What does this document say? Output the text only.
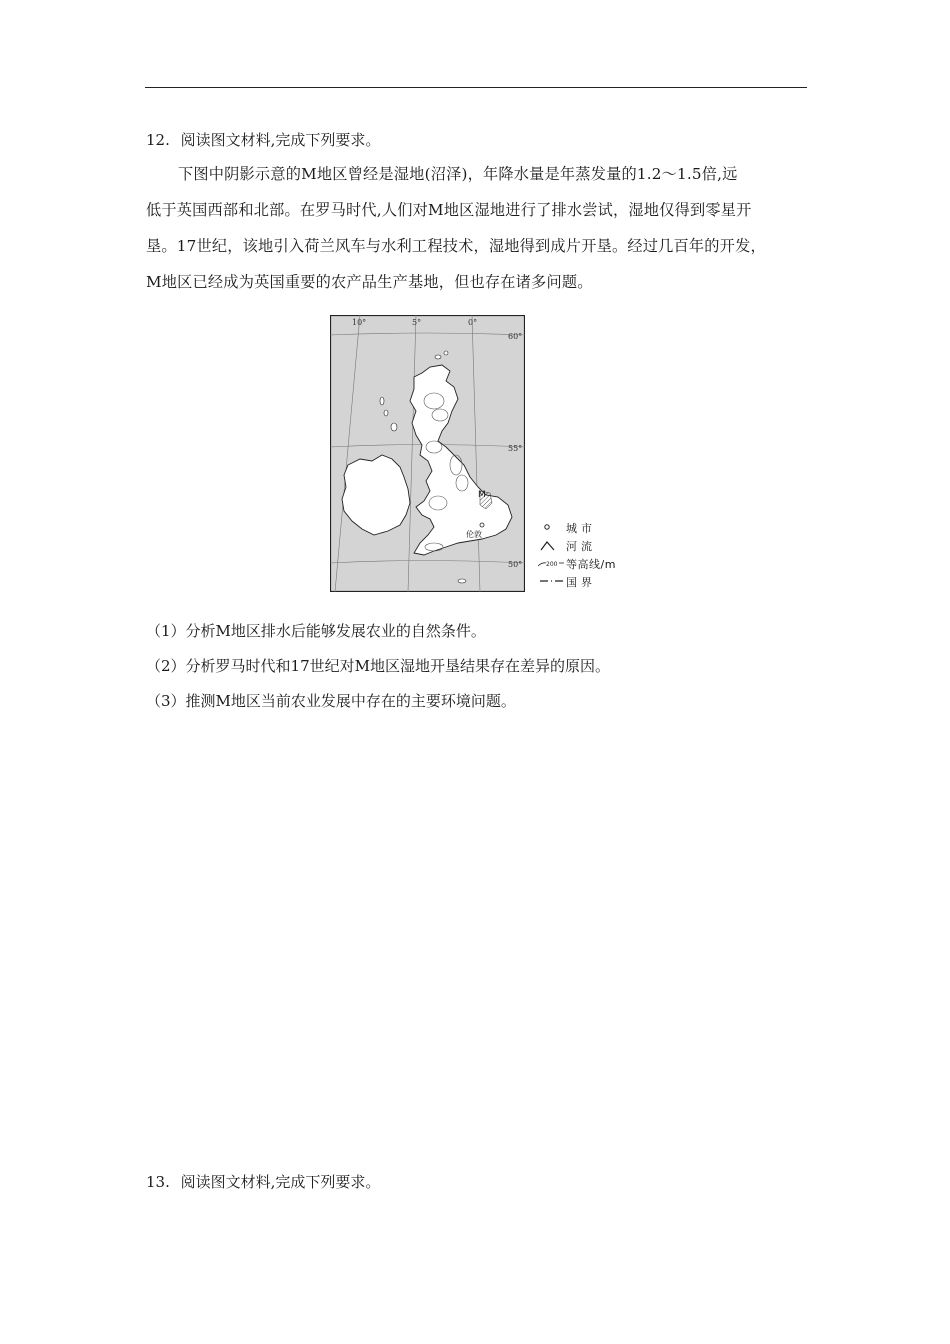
12. 阅读图文材料,完成下列要求。
下图中阴影示意的M地区曾经是湿地(沼泽)，年降水量是年蒸发量的1.2～1.5倍,远
低于英国西部和北部。在罗马时代,人们对M地区湿地进行了排水尝试，湿地仅得到零星开
垦。17世纪，该地引入荷兰风车与水利工程技术，湿地得到成片开垦。经过几百年的开发，
M地区已经成为英国重要的农产品生产基地，但也存在诸多问题。
M
伦敦
10°	5°	0°
60°
55°
50°
城市
河流
200 等高线/m
国界
（1）分析M地区排水后能够发展农业的自然条件。
（2）分析罗马时代和17世纪对M地区湿地开垦结果存在差异的原因。
（3）推测M地区当前农业发展中存在的主要环境问题。
13. 阅读图文材料,完成下列要求。
